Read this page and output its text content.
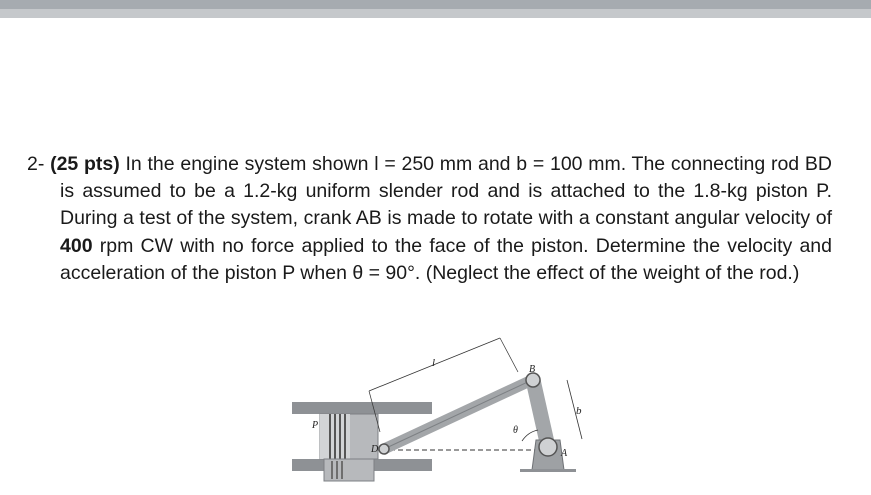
2- (25 pts) In the engine system shown l = 250 mm and b = 100 mm. The connecting rod BD is assumed to be a 1.2-kg uniform slender rod and is attached to the 1.8-kg piston P. During a test of the system, crank AB is made to rotate with a constant angular velocity of 400 rpm CW with no force applied to the face of the piston. Determine the velocity and acceleration of the piston P when θ = 90°. (Neglect the effect of the weight of the rod.)

l
B
b
θ
A
P
D
